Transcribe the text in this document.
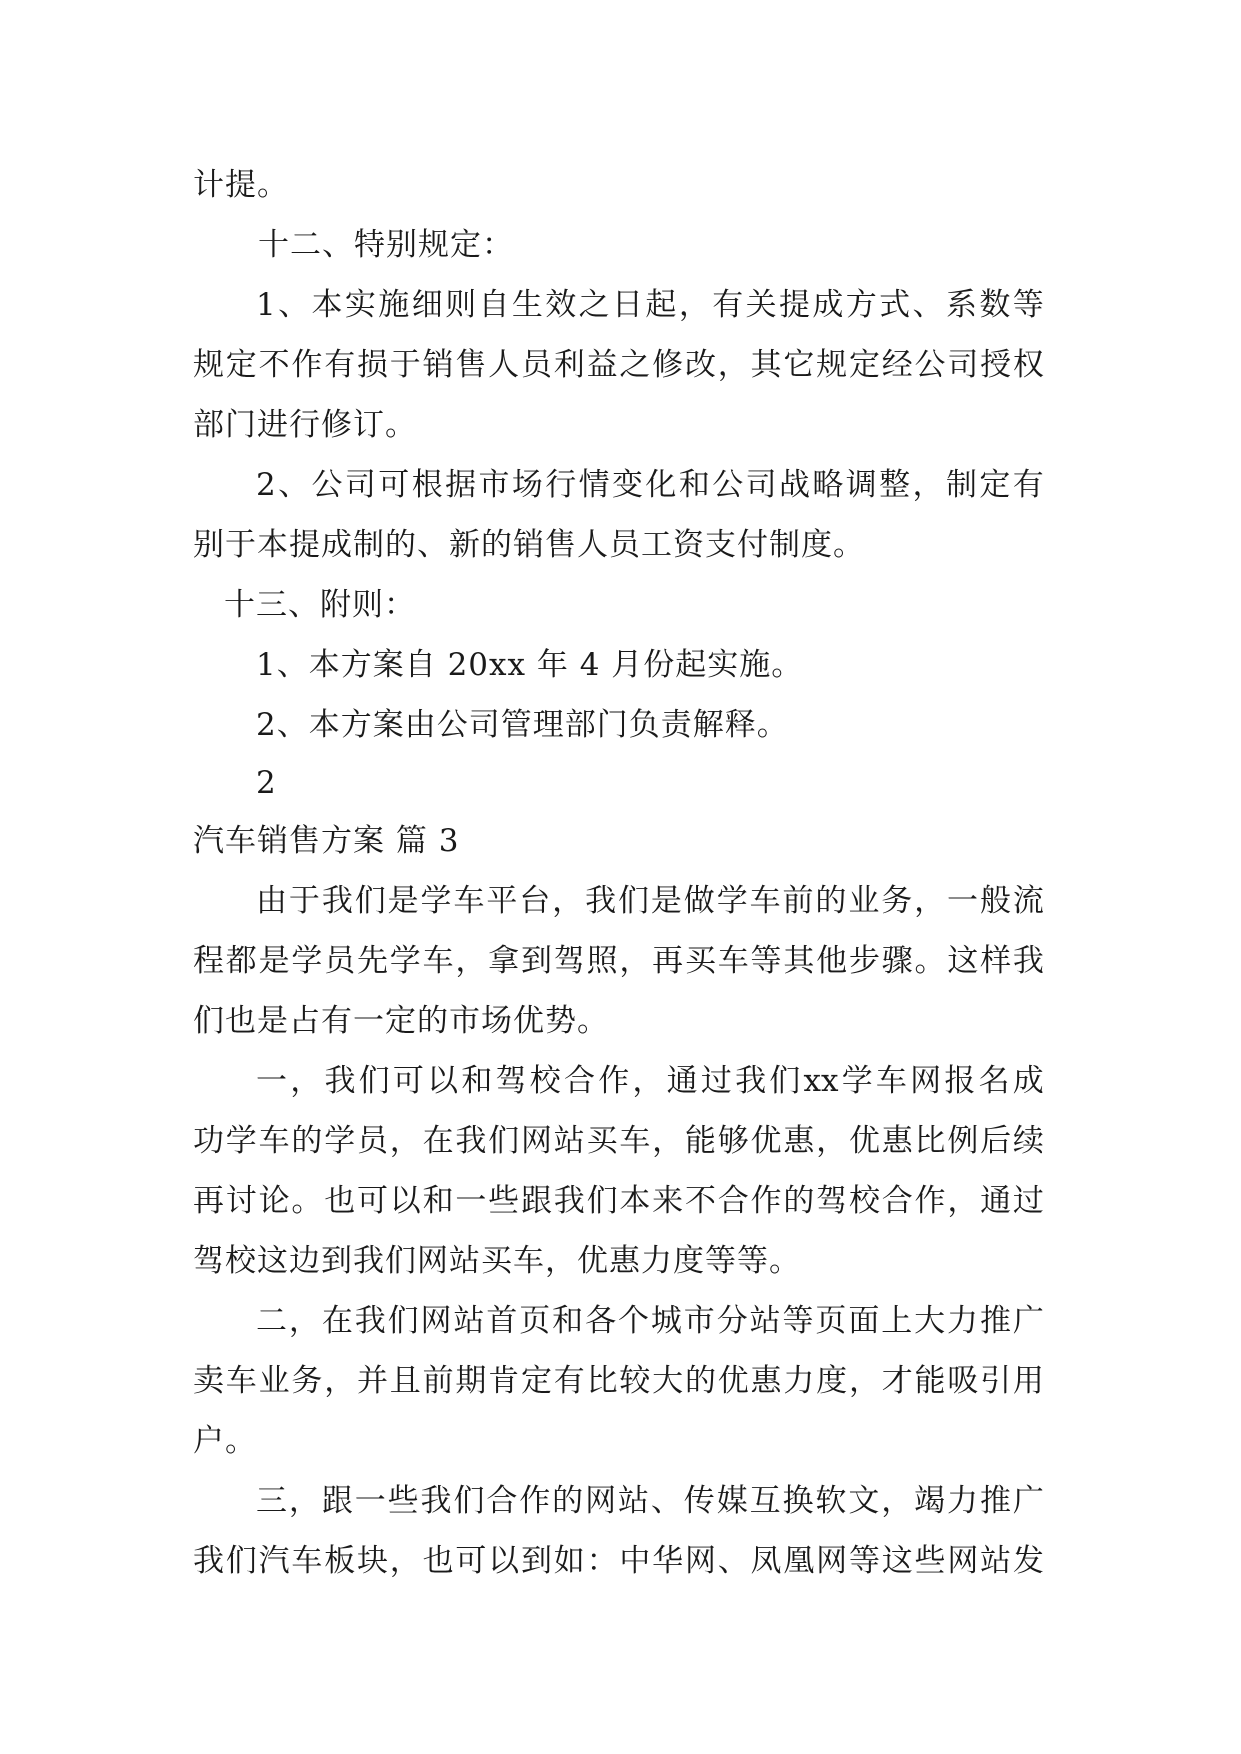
计提。
十二、特别规定：
1 、 本 实 施 细 则 自 生 效 之 日 起 ， 有 关 提 成 方 式 、 系 数 等
规 定 不 作 有 损 于 销 售 人 员 利 益 之 修 改 ， 其 它 规 定 经 公 司 授 权
部门进行修订。
2 、 公 司 可 根 据 市 场 行 情 变 化 和 公 司 战 略 调 整 ， 制 定 有
别于本提成制的、新的销售人员工资支付制度。
十三、附则：
1、本方案自 20xx 年 4 月份起实施。
2、本方案由公司管理部门负责解释。
2
汽车销售方案 篇 3
由 于 我 们 是 学 车 平 台 ， 我 们 是 做 学 车 前 的 业 务 ， 一 般 流
程 都 是 学 员 先 学 车 ， 拿 到 驾 照 ， 再 买 车 等 其 他 步 骤 。 这 样 我
们也是占有一定的市场优势。
一 ， 我 们 可 以 和 驾 校 合 作 ， 通 过 我 们 xx 学 车 网 报 名 成
功 学 车 的 学 员 ， 在 我 们 网 站 买 车 ， 能 够 优 惠 ， 优 惠 比 例 后 续
再 讨 论 。 也 可 以 和 一 些 跟 我 们 本 来 不 合 作 的 驾 校 合 作 ， 通 过
驾校这边到我们网站买车，优惠力度等等。
二 ， 在 我 们 网 站 首 页 和 各 个 城 市 分 站 等 页 面 上 大 力 推 广
卖 车 业 务 ， 并 且 前 期 肯 定 有 比 较 大 的 优 惠 力 度 ， 才 能 吸 引 用
户。
三 ， 跟 一 些 我 们 合 作 的 网 站 、 传 媒 互 换 软 文 ， 竭 力 推 广
我 们 汽 车 板 块 ， 也 可 以 到 如 ： 中 华 网 、 凤 凰 网 等 这 些 网 站 发
